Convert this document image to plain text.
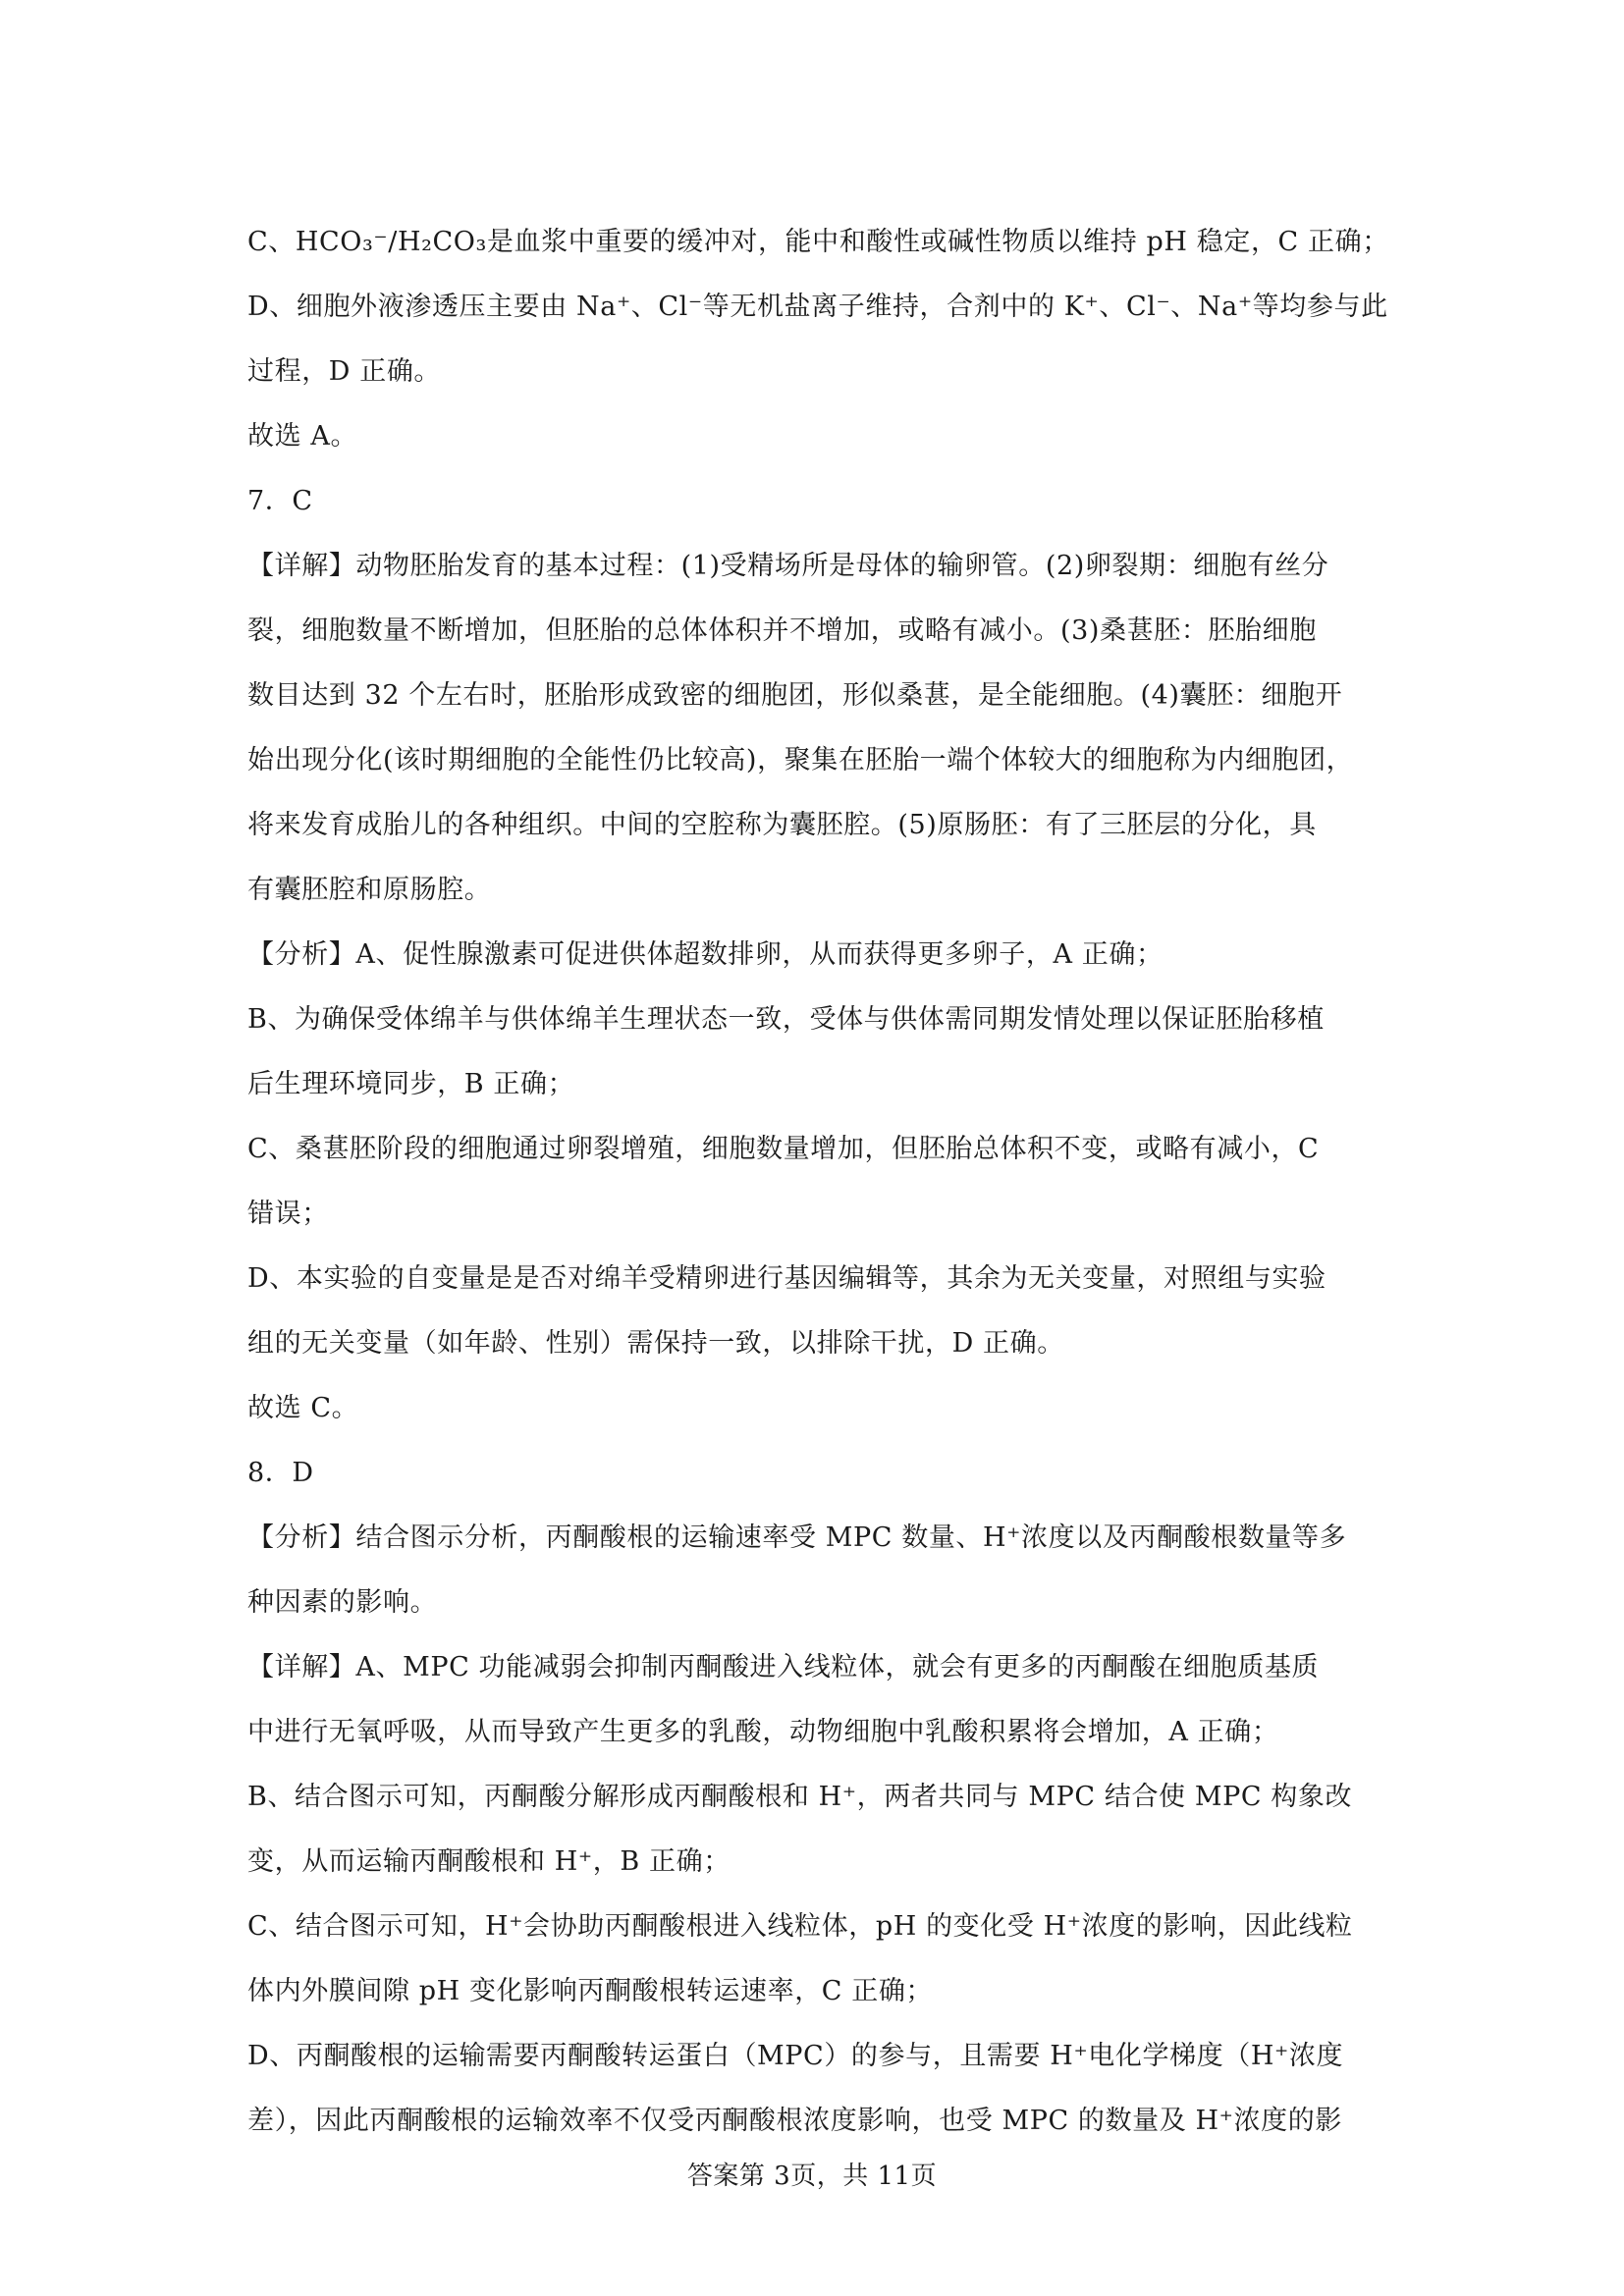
C、HCO₃⁻/H₂CO₃是血浆中重要的缓冲对，能中和酸性或碱性物质以维持 pH 稳定，C 正确；
D、细胞外液渗透压主要由 Na⁺、Cl⁻等无机盐离子维持，合剂中的 K⁺、Cl⁻、Na⁺等均参与此
过程，D 正确。
故选 A。
7．C
【详解】动物胚胎发育的基本过程：(1)受精场所是母体的输卵管。(2)卵裂期：细胞有丝分
裂，细胞数量不断增加，但胚胎的总体体积并不增加，或略有减小。(3)桑葚胚：胚胎细胞
数目达到 32 个左右时，胚胎形成致密的细胞团，形似桑葚，是全能细胞。(4)囊胚：细胞开
始出现分化(该时期细胞的全能性仍比较高)，聚集在胚胎一端个体较大的细胞称为内细胞团，
将来发育成胎儿的各种组织。中间的空腔称为囊胚腔。(5)原肠胚：有了三胚层的分化，具
有囊胚腔和原肠腔。
【分析】A、促性腺激素可促进供体超数排卵，从而获得更多卵子，A 正确；
B、为确保受体绵羊与供体绵羊生理状态一致，受体与供体需同期发情处理以保证胚胎移植
后生理环境同步，B 正确；
C、桑葚胚阶段的细胞通过卵裂增殖，细胞数量增加，但胚胎总体积不变，或略有减小，C
错误；
D、本实验的自变量是是否对绵羊受精卵进行基因编辑等，其余为无关变量，对照组与实验
组的无关变量（如年龄、性别）需保持一致，以排除干扰，D 正确。
故选 C。
8．D
【分析】结合图示分析，丙酮酸根的运输速率受 MPC 数量、H⁺浓度以及丙酮酸根数量等多
种因素的影响。
【详解】A、MPC 功能减弱会抑制丙酮酸进入线粒体，就会有更多的丙酮酸在细胞质基质
中进行无氧呼吸，从而导致产生更多的乳酸，动物细胞中乳酸积累将会增加，A 正确；
B、结合图示可知，丙酮酸分解形成丙酮酸根和 H⁺，两者共同与 MPC 结合使 MPC 构象改
变，从而运输丙酮酸根和 H⁺，B 正确；
C、结合图示可知，H⁺会协助丙酮酸根进入线粒体，pH 的变化受 H⁺浓度的影响，因此线粒
体内外膜间隙 pH 变化影响丙酮酸根转运速率，C 正确；
D、丙酮酸根的运输需要丙酮酸转运蛋白（MPC）的参与，且需要 H⁺电化学梯度（H⁺浓度
差），因此丙酮酸根的运输效率不仅受丙酮酸根浓度影响，也受 MPC 的数量及 H⁺浓度的影
答案第 3页，共 11页
